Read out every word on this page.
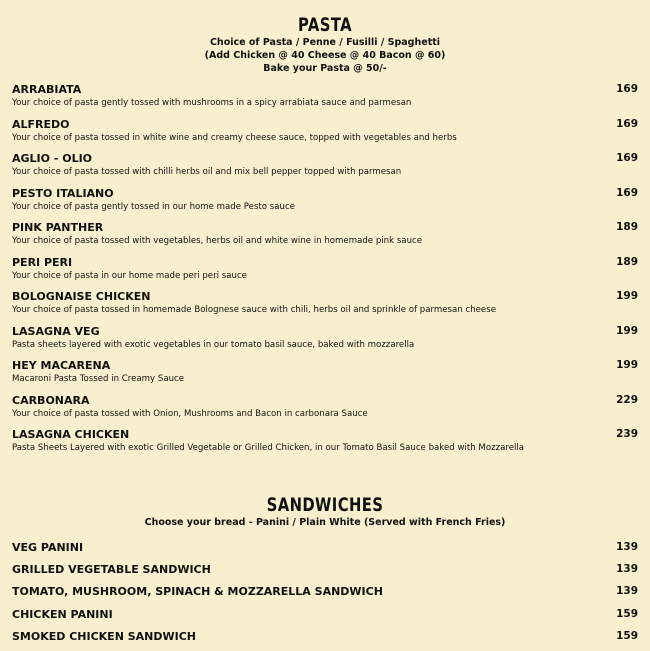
PASTA
Choice of Pasta / Penne / Fusilli / Spaghetti
(Add Chicken @ 40 Cheese @ 40 Bacon @ 60)
Bake your Pasta @ 50/-
ARRABIATA
Your choice of pasta gently tossed with mushrooms in a spicy arrabiata sauce and parmesan
169
ALFREDO
Your choice of pasta tossed in white wine and creamy cheese sauce, topped with vegetables and herbs
169
AGLIO - OLIO
Your choice of pasta tossed with chilli herbs oil and mix bell pepper topped with parmesan
169
PESTO ITALIANO
Your choice of pasta gently tossed in our home made Pesto sauce
169
PINK PANTHER
Your choice of pasta tossed with vegetables, herbs oil and white wine in homemade pink sauce
189
PERI PERI
Your choice of pasta in our home made peri peri sauce
189
BOLOGNAISE CHICKEN
Your choice of pasta tossed in homemade Bolognese sauce with chili, herbs oil and sprinkle of parmesan cheese
199
LASAGNA VEG
Pasta sheets layered with exotic vegetables in our tomato basil sauce, baked with mozzarella
199
HEY MACARENA
Macaroni Pasta Tossed in Creamy Sauce
199
CARBONARA
Your choice of pasta tossed with Onion, Mushrooms and Bacon in carbonara Sauce
229
LASAGNA CHICKEN
Pasta Sheets Layered with exotic Grilled Vegetable or Grilled Chicken, in our Tomato Basil Sauce baked with Mozzarella
239
SANDWICHES
Choose your bread - Panini / Plain White (Served with French Fries)
VEG PANINI	139
GRILLED VEGETABLE SANDWICH	139
TOMATO, MUSHROOM, SPINACH & MOZZARELLA SANDWICH	139
CHICKEN PANINI	159
SMOKED CHICKEN SANDWICH	159
